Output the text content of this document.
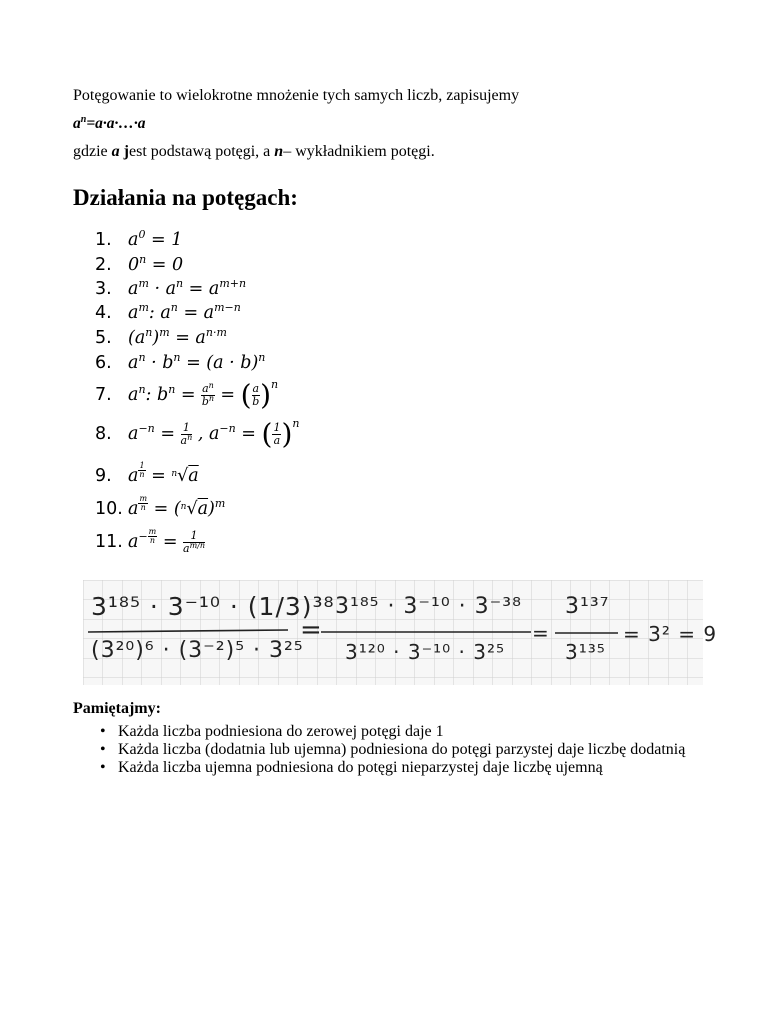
Potęgowanie to wielokrotne mnożenie tych samych liczb, zapisujemy
$a^n=a\cdot a\cdot\dots\cdot a$
gdzie a jest podstawą potęgi, a n– wykładnikiem potęgi.
Działania na potęgach:
1. $a^0 = 1$
2. $0^n = 0$
3. $a^m \cdot a^n = a^{m+n}$
4. $a^m$: $a^n = a^{m-n}$
5. $(a^n)^m = a^{n\cdot m}$
6. $a^n \cdot b^n = (a \cdot b)^n$
7. $a^n$: $b^n = \frac{a^n}{b^n}$ = ( $\frac{a}{b} )^n$
8. $a^{-n} = \frac{1}{a^n}$ , $a^{-n}$ = ( $\frac{1}{a} )^n$
9. a $^{\frac{1}{n}}$ = $^n$√a
10. a $^{\frac{m}{n}} = (^n√a)^m$
11. $a^{- \frac{m}{n}} = \frac{1}{a^{m/n}}$
=	=
3¹⁸⁵ · 3⁻¹⁰ · (1/3)³⁸
(3²⁰)⁶ · (3⁻²)⁵ · 3²⁵
3¹⁸⁵ · 3⁻¹⁰ · 3⁻³⁸
3¹²⁰ · 3⁻¹⁰ · 3²⁵
3¹³⁷
3¹³⁵
= 3² = 9
Pamiętajmy:
• Każda liczba podniesiona do zerowej potęgi daje 1
• Każda liczba (dodatnia lub ujemna) podniesiona do potęgi parzystej daje liczbę dodatnią
• Każda liczba ujemna podniesiona do potęgi nieparzystej daje liczbę ujemną
